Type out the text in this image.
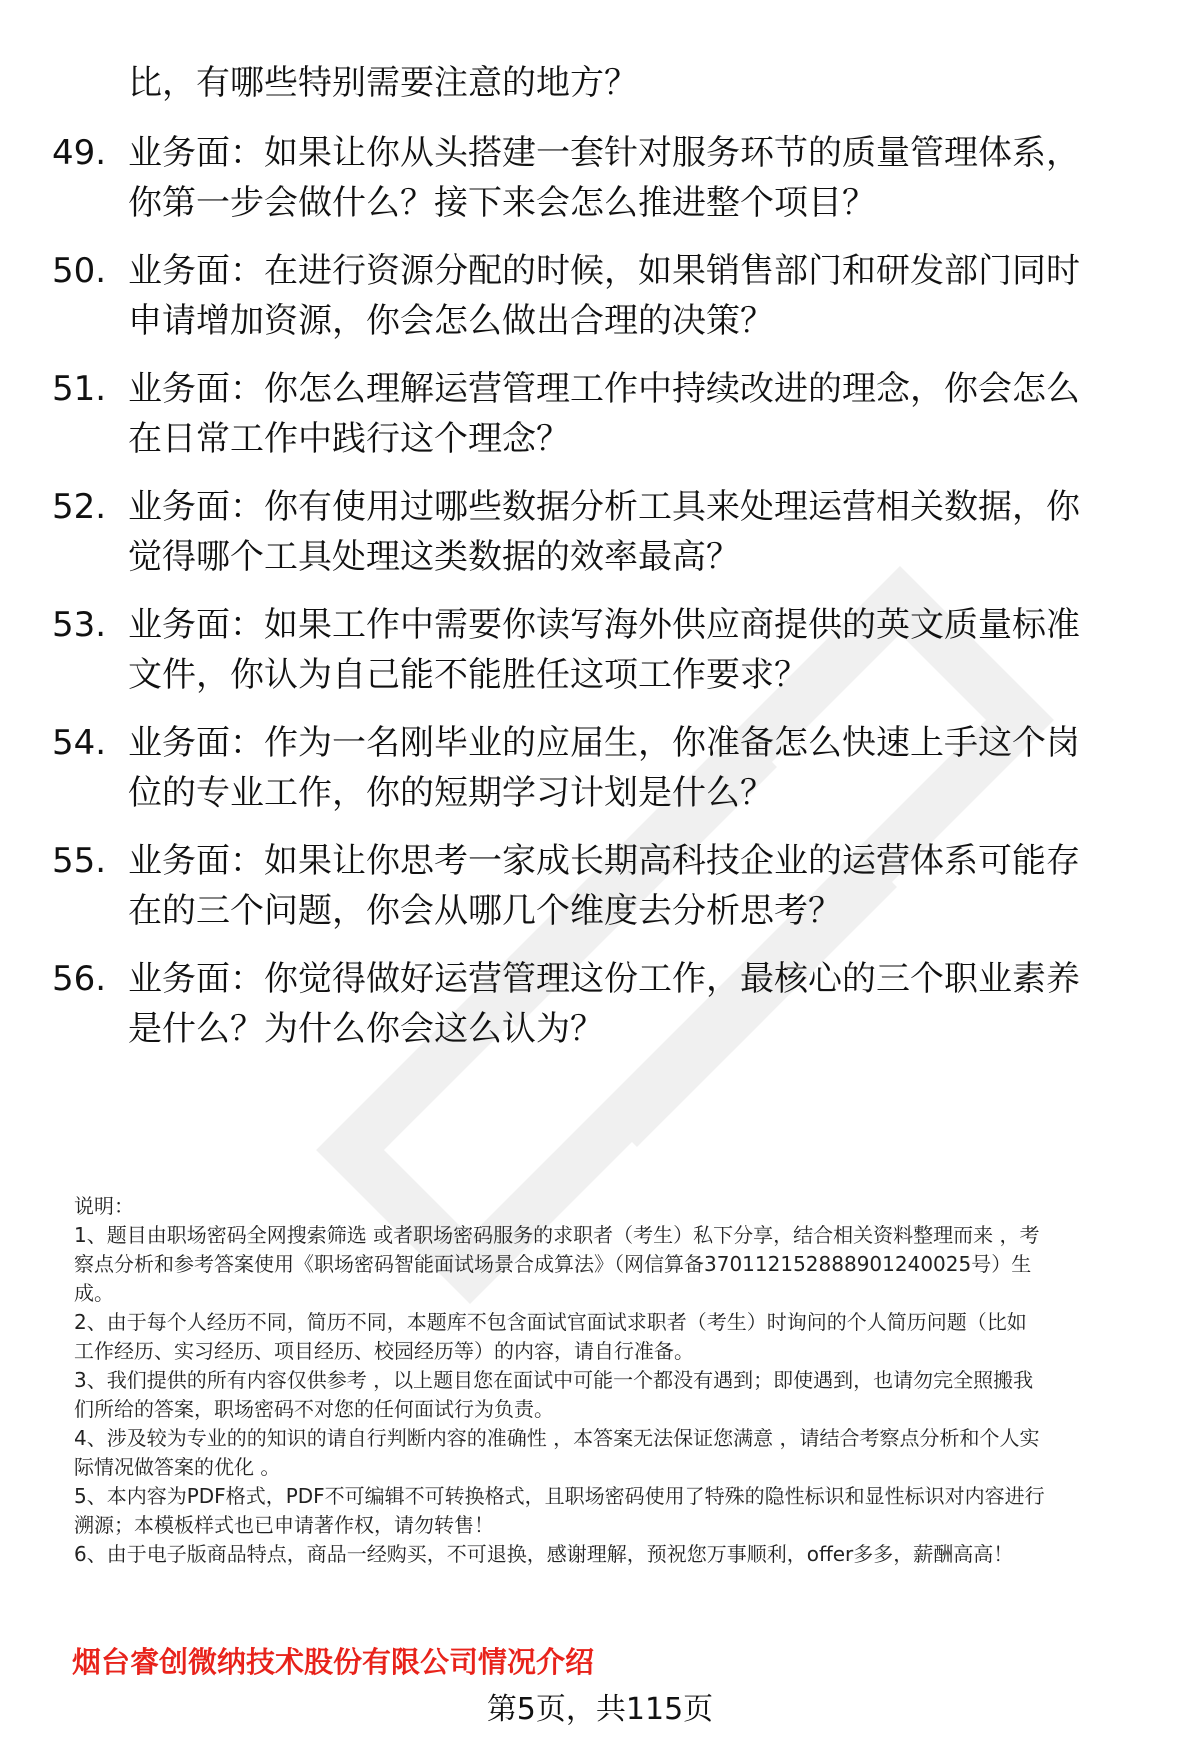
比，有哪些特别需要注意的地方？
49. 业务面：如果让你从头搭建一套针对服务环节的质量管理体系，
你第一步会做什么？接下来会怎么推进整个项目？
50. 业务面：在进行资源分配的时候，如果销售部门和研发部门同时
申请增加资源，你会怎么做出合理的决策？
51. 业务面：你怎么理解运营管理工作中持续改进的理念，你会怎么
在日常工作中践行这个理念？
52. 业务面：你有使用过哪些数据分析工具来处理运营相关数据，你
觉得哪个工具处理这类数据的效率最高？
53. 业务面：如果工作中需要你读写海外供应商提供的英文质量标准
文件，你认为自己能不能胜任这项工作要求？
54. 业务面：作为一名刚毕业的应届生，你准备怎么快速上手这个岗
位的专业工作，你的短期学习计划是什么？
55. 业务面：如果让你思考一家成长期高科技企业的运营体系可能存
在的三个问题，你会从哪几个维度去分析思考？
56. 业务面：你觉得做好运营管理这份工作，最核心的三个职业素养
是什么？为什么你会这么认为？
说明：
1、题目由职场密码全网搜索筛选 或者职场密码服务的求职者（考生）私下分享，结合相关资料整理而来 ，考
察点分析和参考答案使用《职场密码智能面试场景合成算法》（网信算备370112152888901240025号）生
成。
2、由于每个人经历不同，简历不同，本题库不包含面试官面试求职者（考生）时询问的个人简历问题（比如
工作经历、实习经历、项目经历、校园经历等）的内容，请自行准备。
3、我们提供的所有内容仅供参考 ，以上题目您在面试中可能一个都没有遇到；即使遇到，也请勿完全照搬我
们所给的答案，职场密码不对您的任何面试行为负责。
4、涉及较为专业的的知识的请自行判断内容的准确性 ，本答案无法保证您满意 ，请结合考察点分析和个人实
际情况做答案的优化 。
5、本内容为PDF格式，PDF不可编辑不可转换格式，且职场密码使用了特殊的隐性标识和显性标识对内容进行
溯源；本模板样式也已申请著作权，请勿转售！
6、由于电子版商品特点，商品一经购买，不可退换，感谢理解，预祝您万事顺利，offer多多，薪酬高高！
烟台睿创微纳技术股份有限公司情况介绍
第5页，共115页
